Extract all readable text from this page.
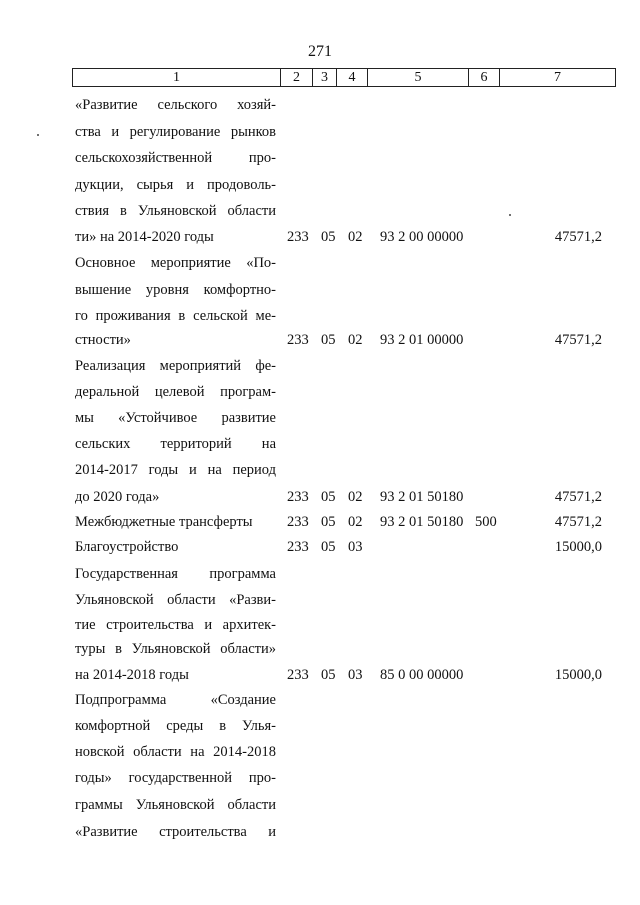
271
1	2	3	4	5	6	7
«Развитие сельского хозяй-
ства и регулирование рынков
сельскохозяйственной про-
дукции, сырья и продоволь-
ствия в Ульяновской области
ти» на 2014-2020 годы	233 05 02 93 2 00 00000	47571,2
Основное мероприятие «По-
вышение уровня комфортно-
го проживания в сельской ме-
стности»	233 05 02 93 2 01 00000	47571,2
Реализация мероприятий фе-
деральной целевой програм-
мы «Устойчивое развитие
сельских территорий на
2014-2017 годы и на период
до 2020 года»	233 05 02 93 2 01 50180	47571,2
Межбюджетные трансферты	233 05 02 93 2 01 50180 500	47571,2
Благоустройство	233 05 03	15000,0
Государственная программа
Ульяновской области «Разви-
тие строительства и архитек-
туры в Ульяновской области»
на 2014-2018 годы	233 05 03 85 0 00 00000	15000,0
Подпрограмма «Создание
комфортной среды в Улья-
новской области на 2014-2018
годы» государственной про-
граммы Ульяновской области
«Развитие строительства и
